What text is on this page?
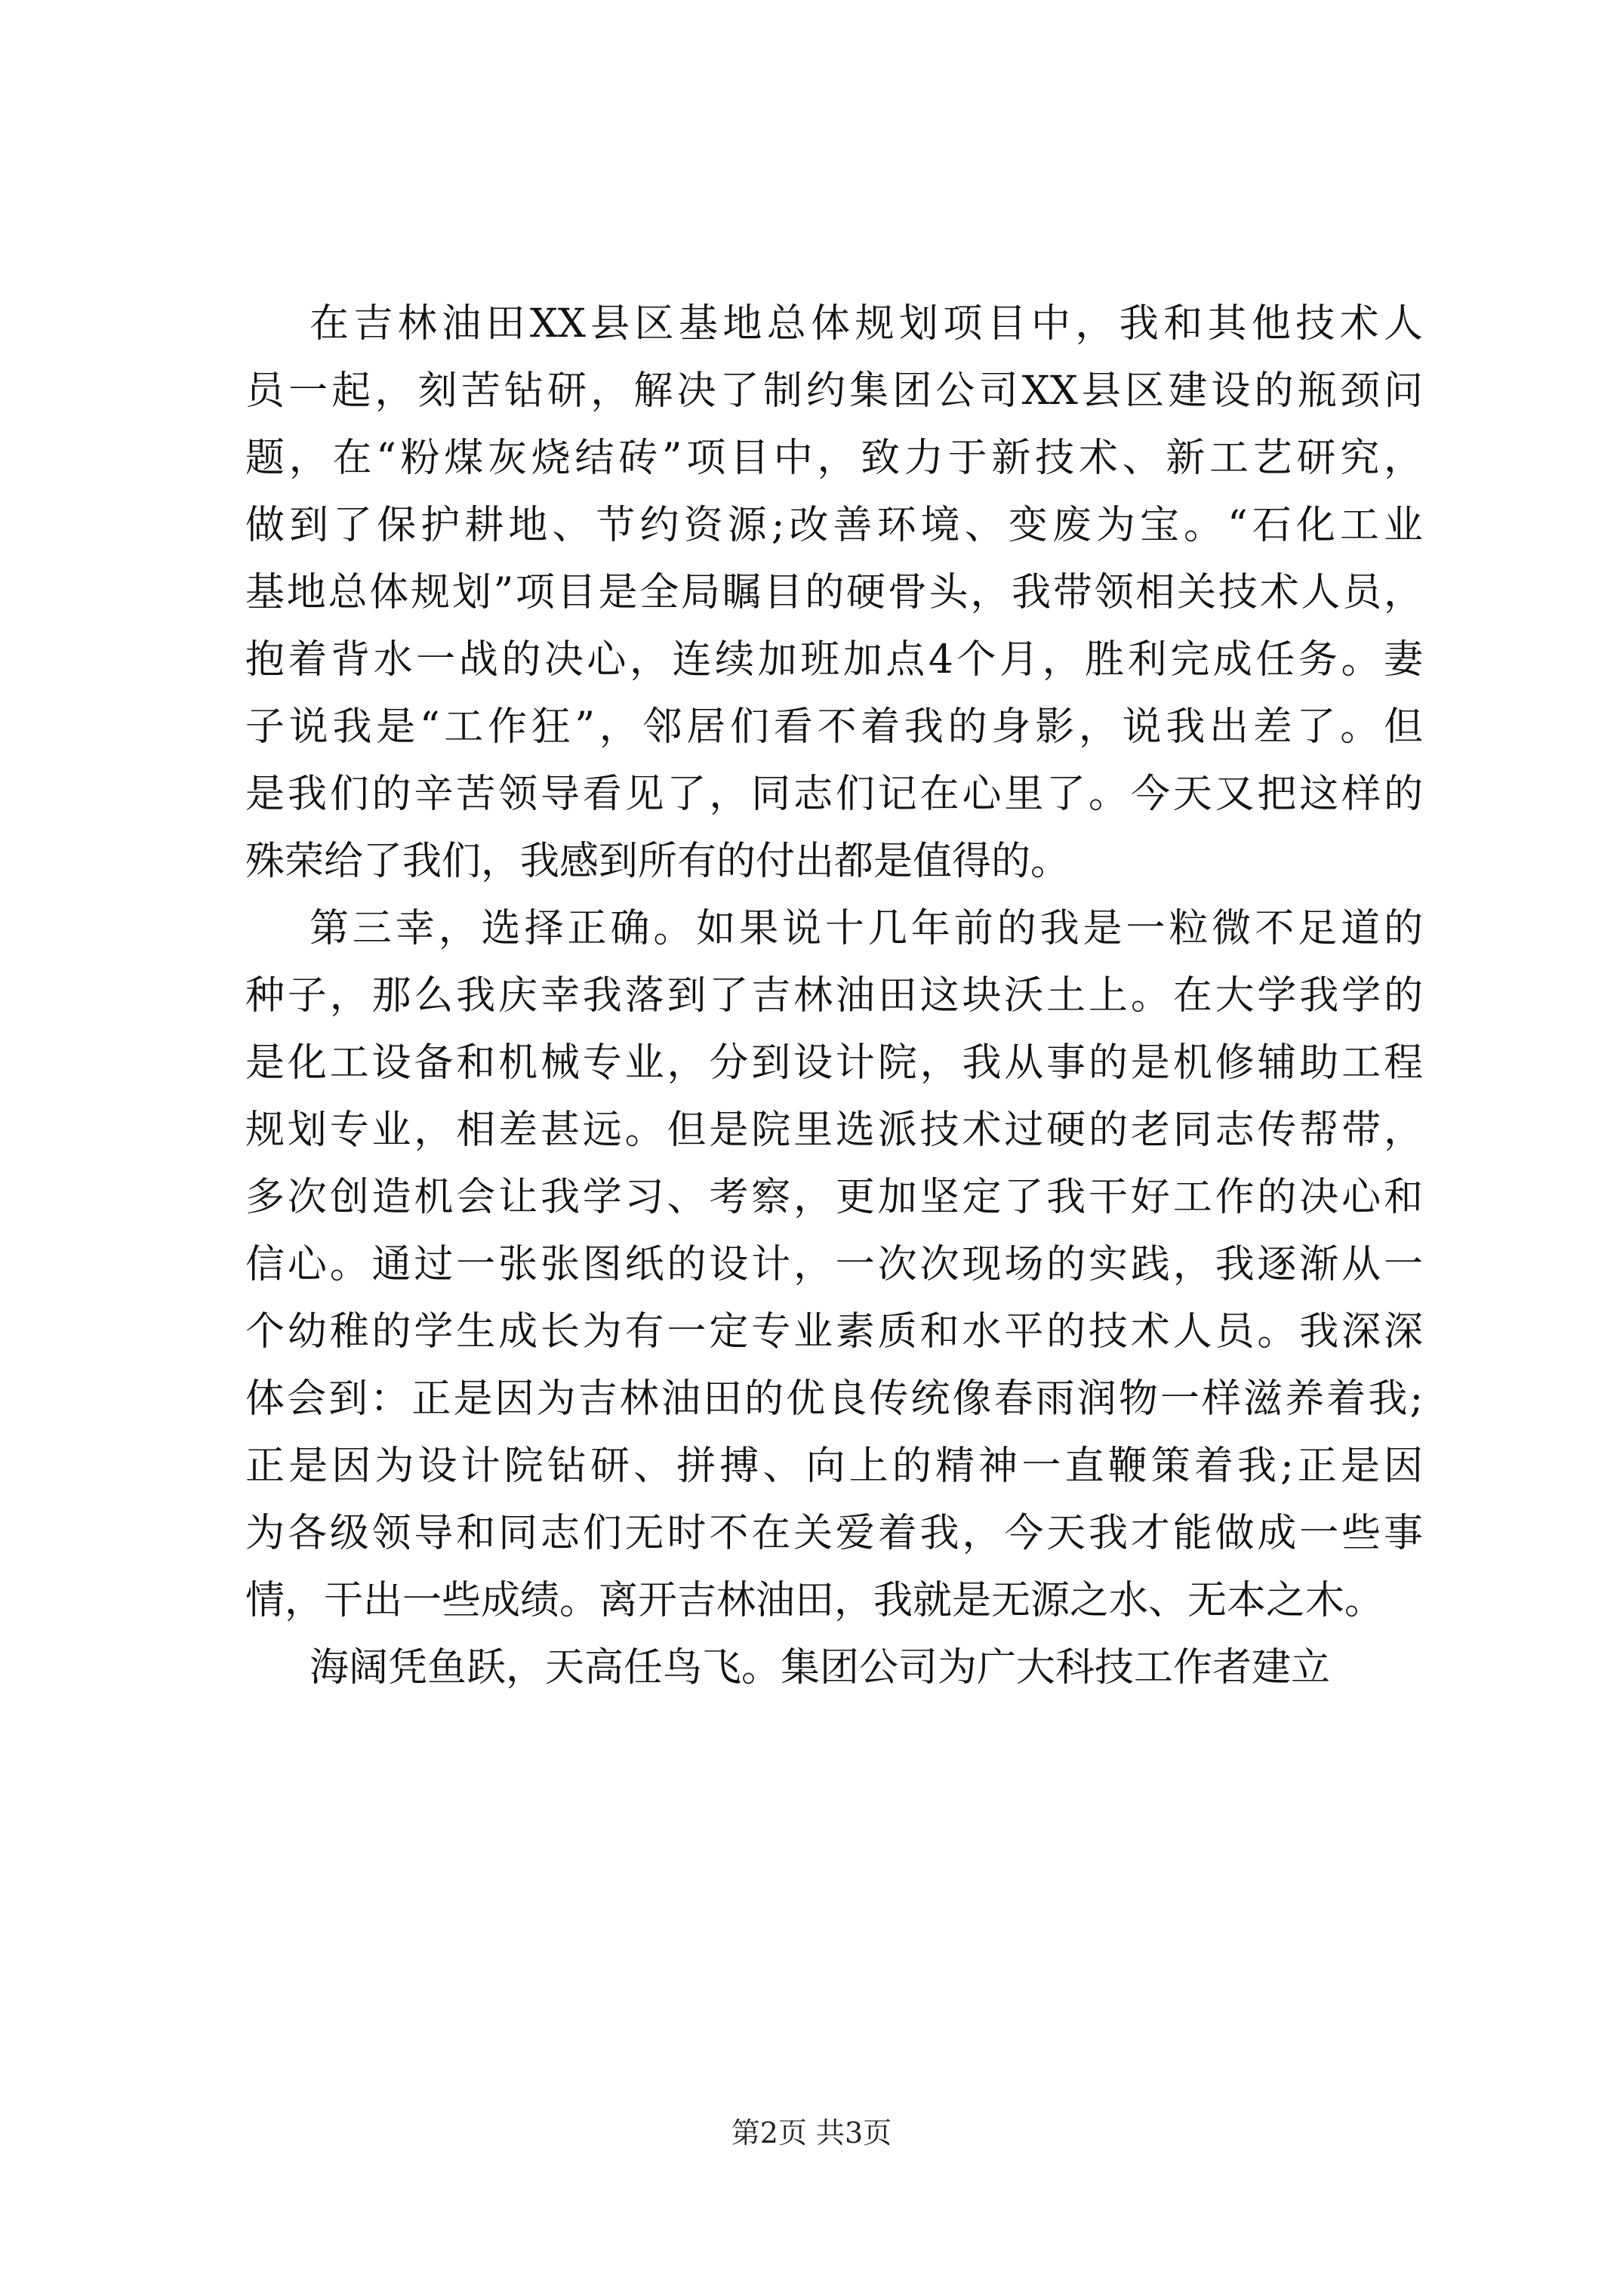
在吉林油田XX县区基地总体规划项目中，我和其他技术人
员一起，刻苦钻研，解决了制约集团公司XX县区建设的瓶颈问
题，在“粉煤灰烧结砖”项目中，致力于新技术、新工艺研究，
做到了保护耕地、节约资源;改善环境、变废为宝。“石化工业
基地总体规划”项目是全局瞩目的硬骨头，我带领相关技术人员，
抱着背水一战的决心，连续加班加点4个月，胜利完成任务。妻
子说我是“工作狂”，邻居们看不着我的身影，说我出差了。但
是我们的辛苦领导看见了，同志们记在心里了。今天又把这样的
殊荣给了我们，我感到所有的付出都是值得的。

第三幸，选择正确。如果说十几年前的我是一粒微不足道的
种子，那么我庆幸我落到了吉林油田这块沃土上。在大学我学的
是化工设备和机械专业，分到设计院，我从事的是机修辅助工程
规划专业，相差甚远。但是院里选派技术过硬的老同志传帮带，
多次创造机会让我学习、考察，更加坚定了我干好工作的决心和
信心。通过一张张图纸的设计，一次次现场的实践，我逐渐从一
个幼稚的学生成长为有一定专业素质和水平的技术人员。我深深
体会到：正是因为吉林油田的优良传统像春雨润物一样滋养着我;
正是因为设计院钻研、拼搏、向上的精神一直鞭策着我;正是因
为各级领导和同志们无时不在关爱着我，今天我才能做成一些事
情，干出一些成绩。离开吉林油田，我就是无源之水、无本之木。

海阔凭鱼跃，天高任鸟飞。集团公司为广大科技工作者建立

第2页 共3页
